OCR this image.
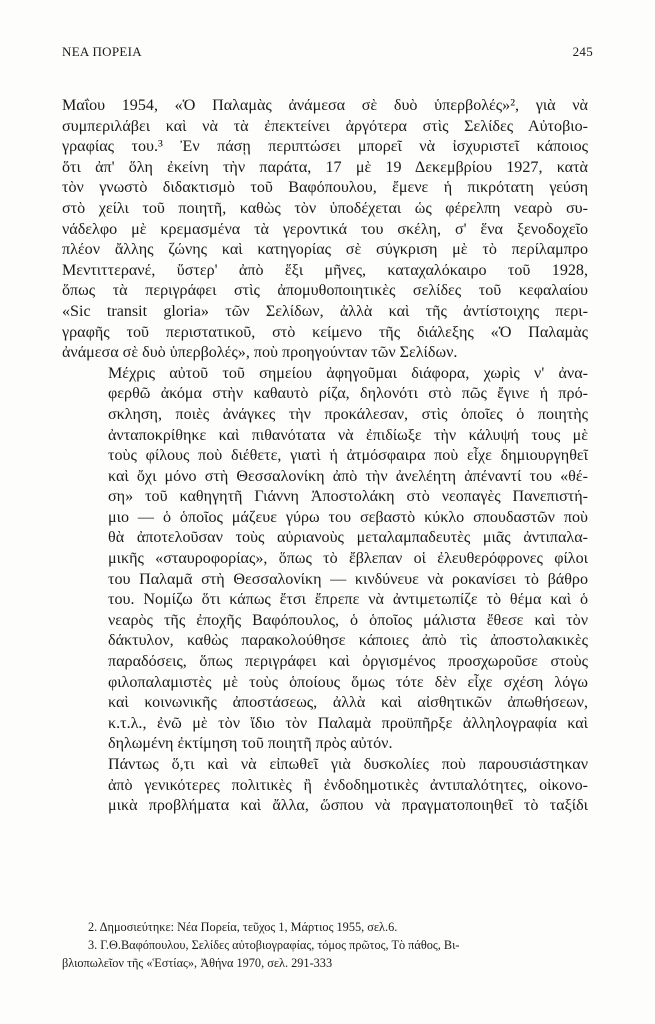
ΝΕΑ ΠΟΡΕΙΑ	245

Μαΐου 1954, «Ὁ Παλαμὰς ἀνάμεσα σὲ δυὸ ὑπερβολές»², γιὰ νὰ
συμπεριλάβει καὶ νὰ τὰ ἐπεκτείνει ἀργότερα στὶς Σελίδες Αὐτοβιο-
γραφίας του.³ Ἐν πάσῃ περιπτώσει μπορεῖ νὰ ἰσχυριστεῖ κάποιος
ὅτι ἀπ' ὅλη ἐκείνη τὴν παράτα, 17 μὲ 19 Δεκεμβρίου 1927, κατὰ
τὸν γνωστὸ διδακτισμὸ τοῦ Βαφόπουλου, ἔμενε ἡ πικρότατη γεύση
στὸ χείλι τοῦ ποιητῆ, καθὼς τὸν ὑποδέχεται ὡς φέρελπη νεαρὸ συ-
νάδελφο μὲ κρεμασμένα τὰ γεροντικά του σκέλη, σ' ἕνα ξενοδοχεῖο
πλέον ἄλλης ζώνης καὶ κατηγορίας σὲ σύγκριση μὲ τὸ περίλαμπρο
Μεντιττερανέ, ὕστερ' ἀπὸ ἕξι μῆνες, καταχαλόκαιρο τοῦ 1928,
ὅπως τὰ περιγράφει στὶς ἀπομυθοποιητικὲς σελίδες τοῦ κεφαλαίου
«Sic transit gloria» τῶν Σελίδων, ἀλλὰ καὶ τῆς ἀντίστοιχης περι-
γραφῆς τοῦ περιστατικοῦ, στὸ κείμενο τῆς διάλεξης «Ὁ Παλαμὰς
ἀνάμεσα σὲ δυὸ ὑπερβολές», ποὺ προηγούνταν τῶν Σελίδων.

Μέχρις αὐτοῦ τοῦ σημείου ἀφηγοῦμαι διάφορα, χωρὶς ν' ἀνα-
φερθῶ ἀκόμα στὴν καθαυτὸ ρίζα, δηλονότι στὸ πῶς ἔγινε ἡ πρό-
σκληση, ποιὲς ἀνάγκες τὴν προκάλεσαν, στὶς ὁποῖες ὁ ποιητὴς
ἀνταποκρίθηκε καὶ πιθανότατα νὰ ἐπιδίωξε τὴν κάλυψή τους μὲ
τοὺς φίλους ποὺ διέθετε, γιατὶ ἡ ἀτμόσφαιρα ποὺ εἶχε δημιουργηθεῖ
καὶ ὄχι μόνο στὴ Θεσσαλονίκη ἀπὸ τὴν ἀνελέητη ἀπέναντί του «θέ-
ση» τοῦ καθηγητῆ Γιάννη Ἀποστολάκη στὸ νεοπαγὲς Πανεπιστή-
μιο — ὁ ὁποῖος μάζευε γύρω του σεβαστὸ κύκλο σπουδαστῶν ποὺ
θὰ ἀποτελοῦσαν τοὺς αὐριανοὺς μεταλαμπαδευτὲς μιᾶς ἀντιπαλα-
μικῆς «σταυροφορίας», ὅπως τὸ ἔβλεπαν οἱ ἐλευθερόφρονες φίλοι
του Παλαμᾶ στὴ Θεσσαλονίκη — κινδύνευε νὰ ροκανίσει τὸ βάθρο
του. Νομίζω ὅτι κάπως ἔτσι ἔπρεπε νὰ ἀντιμετωπίζε τὸ θέμα καὶ ὁ
νεαρὸς τῆς ἐποχῆς Βαφόπουλος, ὁ ὁποῖος μάλιστα ἔθεσε καὶ τὸν
δάκτυλον, καθὼς παρακολούθησε κάποιες ἀπὸ τὶς ἀποστολακικὲς
παραδόσεις, ὅπως περιγράφει καὶ ὀργισμένος προσχωροῦσε στοὺς
φιλοπαλαμιστὲς μὲ τοὺς ὁποίους ὅμως τότε δὲν εἶχε σχέση λόγω
καὶ κοινωνικῆς ἀποστάσεως, ἀλλὰ καὶ αἰσθητικῶν ἀπωθήσεων,
κ.τ.λ., ἐνῶ μὲ τὸν ἴδιο τὸν Παλαμὰ προϋπῆρξε ἀλληλογραφία καὶ
δηλωμένη ἐκτίμηση τοῦ ποιητῆ πρὸς αὐτόν.

Πάντως ὅ,τι καὶ νὰ εἰπωθεῖ γιὰ δυσκολίες ποὺ παρουσιάστηκαν
ἀπὸ γενικότερες πολιτικὲς ἢ ἐνδοδημοτικὲς ἀντιπαλότητες, οἰκονο-
μικὰ προβλήματα καὶ ἄλλα, ὥσπου νὰ πραγματοποιηθεῖ τὸ ταξίδι

2. Δημοσιεύτηκε: Νέα Πορεία, τεῦχος 1, Μάρτιος 1955, σελ.6.
3. Γ.Θ.Βαφόπουλου, Σελίδες αὐτοβιογραφίας, τόμος πρῶτος, Τὸ πάθος, Βι-
βλιοπωλεῖον τῆς «Ἑστίας», Ἀθήνα 1970, σελ. 291-333
